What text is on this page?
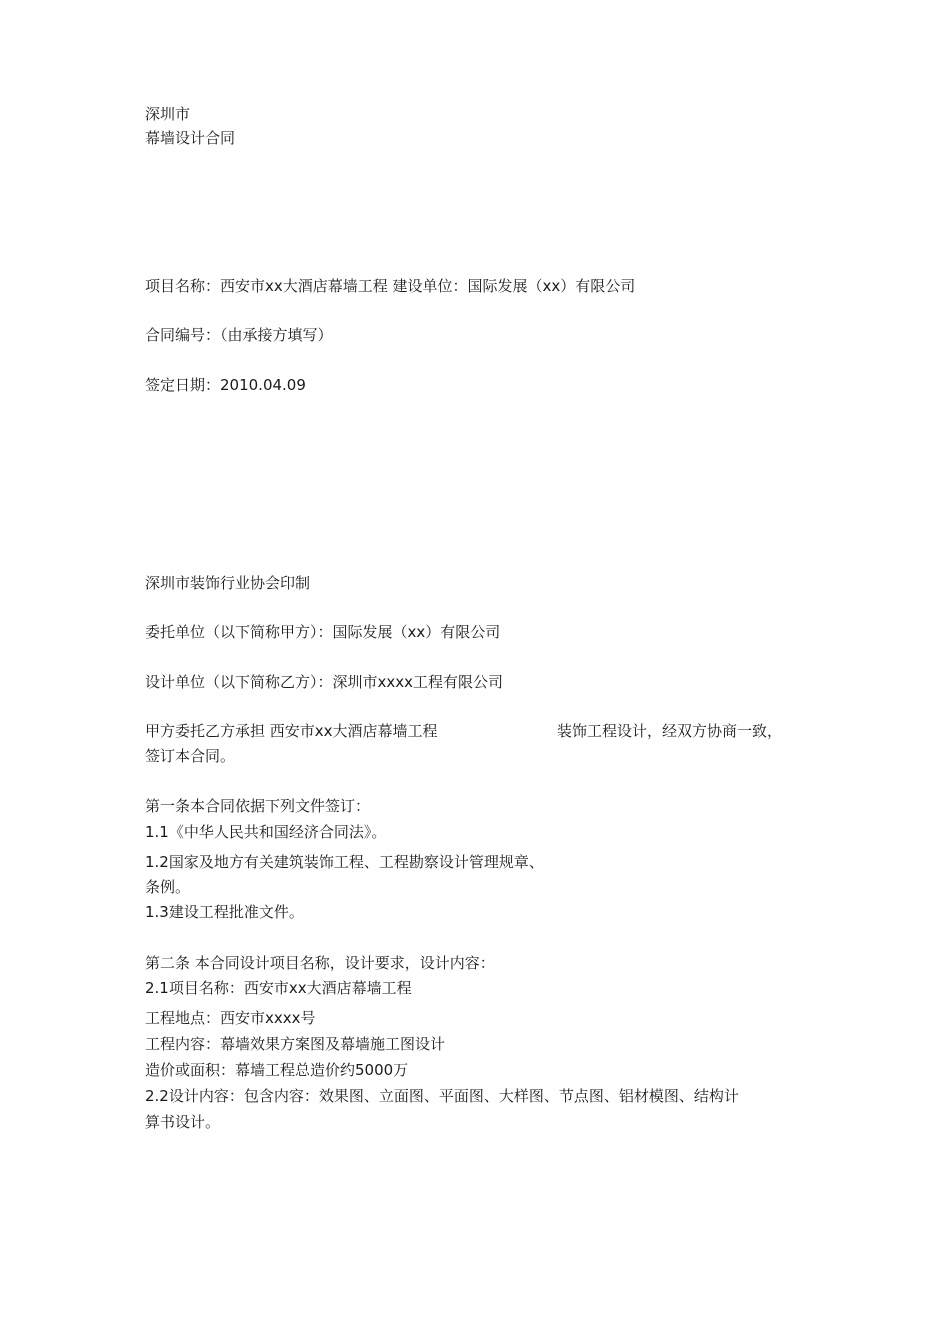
深圳市
幕墙设计合同
项目名称：西安市xx大酒店幕墙工程 建设单位：国际发展（xx）有限公司
合同编号：（由承接方填写）
签定日期：2010.04.09
深圳市装饰行业协会印制
委托单位（以下简称甲方）：国际发展（xx）有限公司
设计单位（以下简称乙方）：深圳市xxxx工程有限公司
甲方委托乙方承担 西安市xx大酒店幕墙工程	装饰工程设计，经双方协商一致，
签订本合同。
第一条本合同依据下列文件签订：
1.1《中华人民共和国经济合同法》。
1.2国家及地方有关建筑装饰工程、工程勘察设计管理规章、
条例。
1.3建设工程批准文件。
第二条 本合同设计项目名称，设计要求，设计内容：
2.1项目名称：西安市xx大酒店幕墙工程
工程地点：西安市xxxx号
工程内容：幕墙效果方案图及幕墙施工图设计
造价或面积：幕墙工程总造价约5000万
2.2设计内容：包含内容：效果图、立面图、平面图、大样图、节点图、铝材模图、结构计
算书设计。
